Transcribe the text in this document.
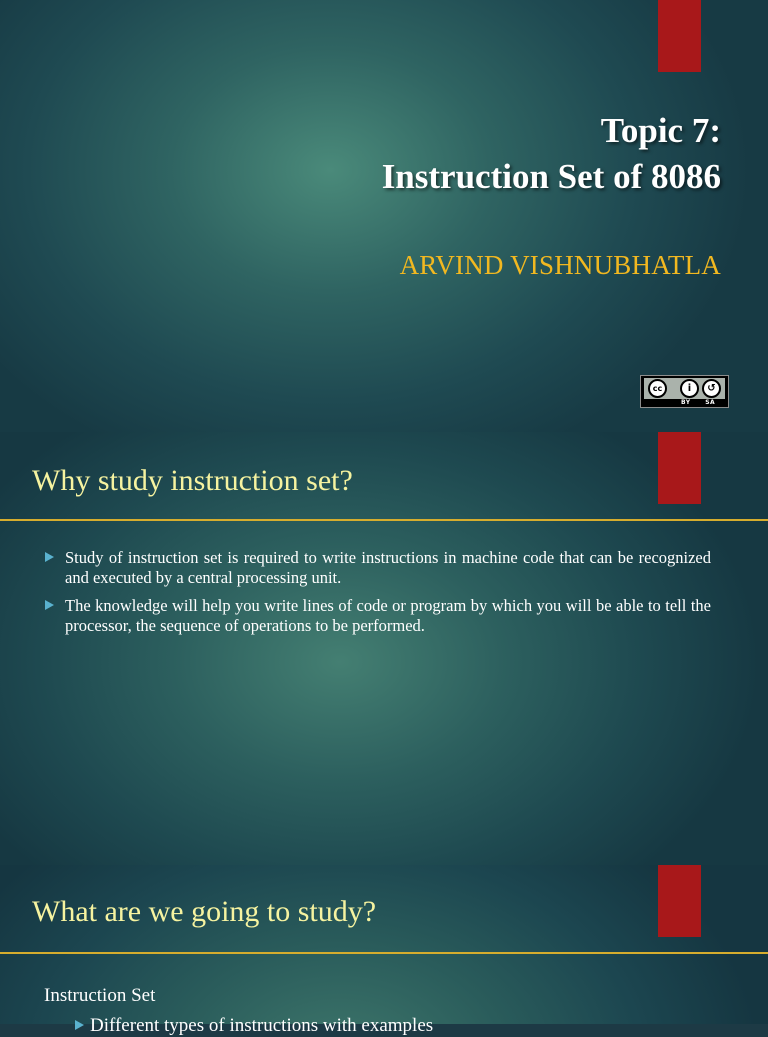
Topic 7:
Instruction Set of 8086
ARVIND VISHNUBHATLA
cc	i	↺
BY SA
Why study instruction set?
Study of instruction set is required to write instructions in machine code that can be recognized and executed by a central processing unit.
The knowledge will help you write lines of code or program by which you will be able to tell the processor, the sequence of operations to be performed.
What are we going to study?
Instruction Set
Different types of instructions with examples
